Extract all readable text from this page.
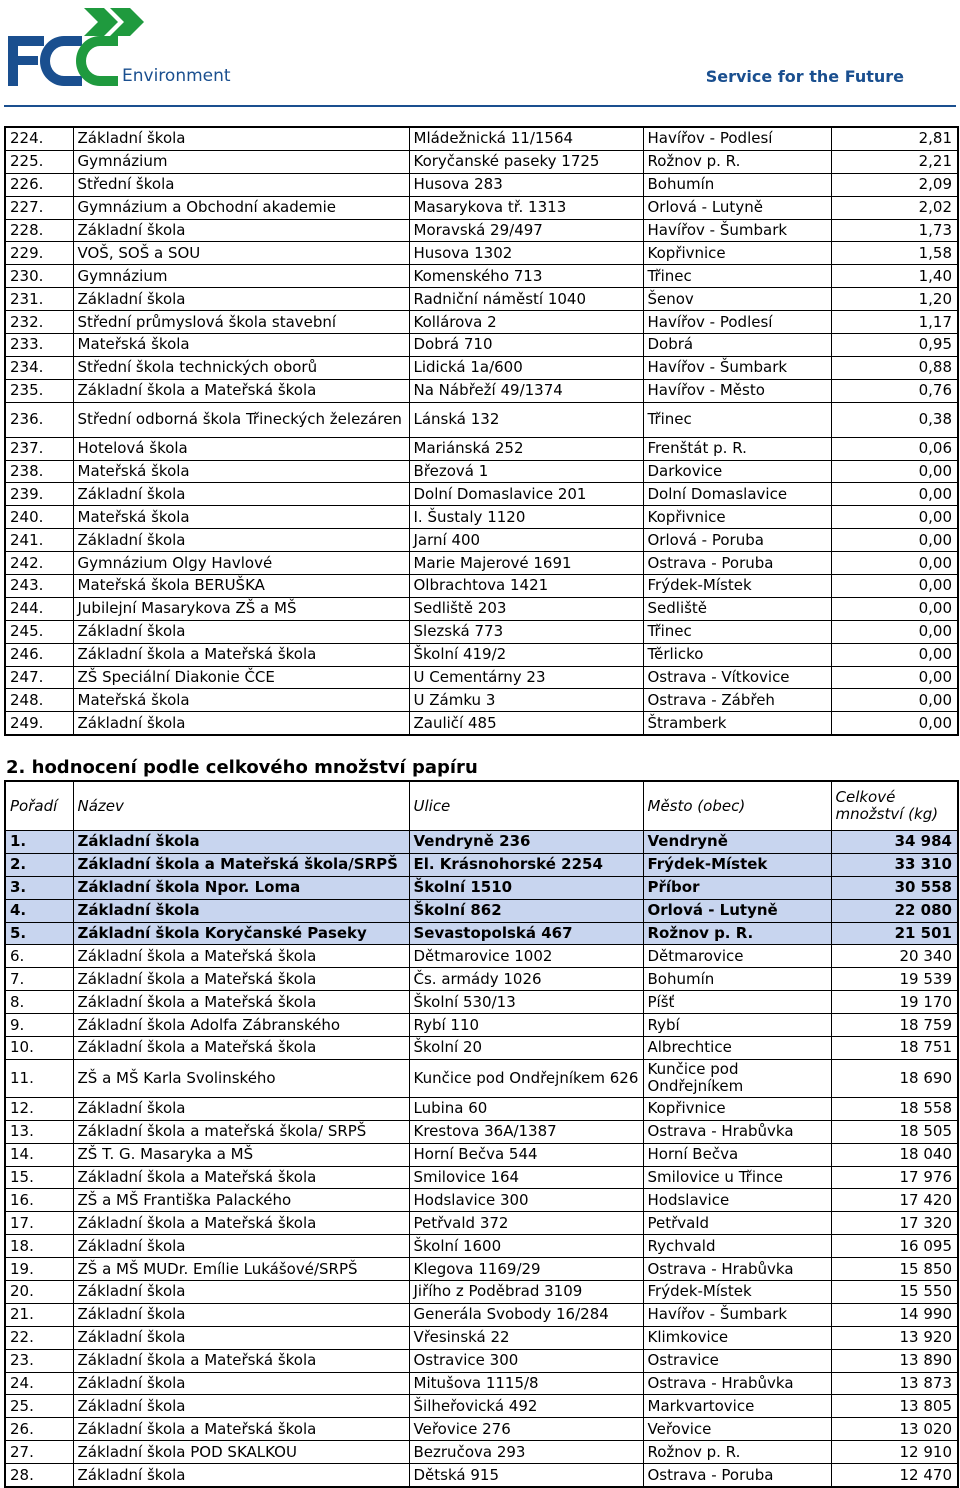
Environment	Service for the Future
224.	Základní škola	Mládežnická 11/1564	Havířov - Podlesí	2,81
225.	Gymnázium	Koryčanské paseky 1725	Rožnov p. R.	2,21
226.	Střední škola	Husova 283	Bohumín	2,09
227.	Gymnázium a Obchodní akademie	Masarykova tř. 1313	Orlová - Lutyně	2,02
228.	Základní škola	Moravská 29/497	Havířov - Šumbark	1,73
229.	VOŠ, SOŠ a SOU	Husova 1302	Kopřivnice	1,58
230.	Gymnázium	Komenského 713	Třinec	1,40
231.	Základní škola	Radniční náměstí 1040	Šenov	1,20
232.	Střední průmyslová škola stavební	Kollárova 2	Havířov - Podlesí	1,17
233.	Mateřská škola	Dobrá 710	Dobrá	0,95
234.	Střední škola technických oborů	Lidická 1a/600	Havířov - Šumbark	0,88
235.	Základní škola a Mateřská škola	Na Nábřeží 49/1374	Havířov - Město	0,76
236.	Střední odborná škola Třineckých železáren	Lánská 132	Třinec	0,38
237.	Hotelová škola	Mariánská 252	Frenštát p. R.	0,06
238.	Mateřská škola	Březová 1	Darkovice	0,00
239.	Základní škola	Dolní Domaslavice 201	Dolní Domaslavice	0,00
240.	Mateřská škola	I. Šustaly 1120	Kopřivnice	0,00
241.	Základní škola	Jarní 400	Orlová - Poruba	0,00
242.	Gymnázium Olgy Havlové	Marie Majerové 1691	Ostrava - Poruba	0,00
243.	Mateřská škola BERUŠKA	Olbrachtova 1421	Frýdek-Místek	0,00
244.	Jubilejní Masarykova ZŠ a MŠ	Sedliště 203	Sedliště	0,00
245.	Základní škola	Slezská 773	Třinec	0,00
246.	Základní škola a Mateřská škola	Školní 419/2	Těrlicko	0,00
247.	ZŠ Speciální Diakonie ČCE	U Cementárny 23	Ostrava - Vítkovice	0,00
248.	Mateřská škola	U Zámku 3	Ostrava - Zábřeh	0,00
249.	Základní škola	Zauličí 485	Štramberk	0,00
2. hodnocení podle celkového množství papíru
Pořadí	Název	Ulice	Město (obec)	Celkové množství (kg)
1.	Základní škola	Vendryně 236	Vendryně	34 984
2.	Základní škola a Mateřská škola/SRPŠ	El. Krásnohorské 2254	Frýdek-Místek	33 310
3.	Základní škola Npor. Loma	Školní 1510	Příbor	30 558
4.	Základní škola	Školní 862	Orlová - Lutyně	22 080
5.	Základní škola Koryčanské Paseky	Sevastopolská 467	Rožnov p. R.	21 501
6.	Základní škola a Mateřská škola	Dětmarovice 1002	Dětmarovice	20 340
7.	Základní škola a Mateřská škola	Čs. armády 1026	Bohumín	19 539
8.	Základní škola a Mateřská škola	Školní 530/13	Píšť	19 170
9.	Základní škola Adolfa Zábranského	Rybí 110	Rybí	18 759
10.	Základní škola a Mateřská škola	Školní 20	Albrechtice	18 751
11.	ZŠ a MŠ Karla Svolinského	Kunčice pod Ondřejníkem 626	Kunčice pod Ondřejníkem	18 690
12.	Základní škola	Lubina 60	Kopřivnice	18 558
13.	Základní škola a mateřská škola/ SRPŠ	Krestova 36A/1387	Ostrava - Hrabůvka	18 505
14.	ZŠ T. G. Masaryka a MŠ	Horní Bečva 544	Horní Bečva	18 040
15.	Základní škola a Mateřská škola	Smilovice 164	Smilovice u Třince	17 976
16.	ZŠ a MŠ Františka Palackého	Hodslavice 300	Hodslavice	17 420
17.	Základní škola a Mateřská škola	Petřvald 372	Petřvald	17 320
18.	Základní škola	Školní 1600	Rychvald	16 095
19.	ZŠ a MŠ MUDr. Emílie Lukášové/SRPŠ	Klegova 1169/29	Ostrava - Hrabůvka	15 850
20.	Základní škola	Jiřího z Poděbrad 3109	Frýdek-Místek	15 550
21.	Základní škola	Generála Svobody 16/284	Havířov - Šumbark	14 990
22.	Základní škola	Vřesinská 22	Klimkovice	13 920
23.	Základní škola a Mateřská škola	Ostravice 300	Ostravice	13 890
24.	Základní škola	Mitušova 1115/8	Ostrava - Hrabůvka	13 873
25.	Základní škola	Šilheřovická 492	Markvartovice	13 805
26.	Základní škola a Mateřská škola	Veřovice 276	Veřovice	13 020
27.	Základní škola POD SKALKOU	Bezručova 293	Rožnov p. R.	12 910
28.	Základní škola	Dětská 915	Ostrava - Poruba	12 470
